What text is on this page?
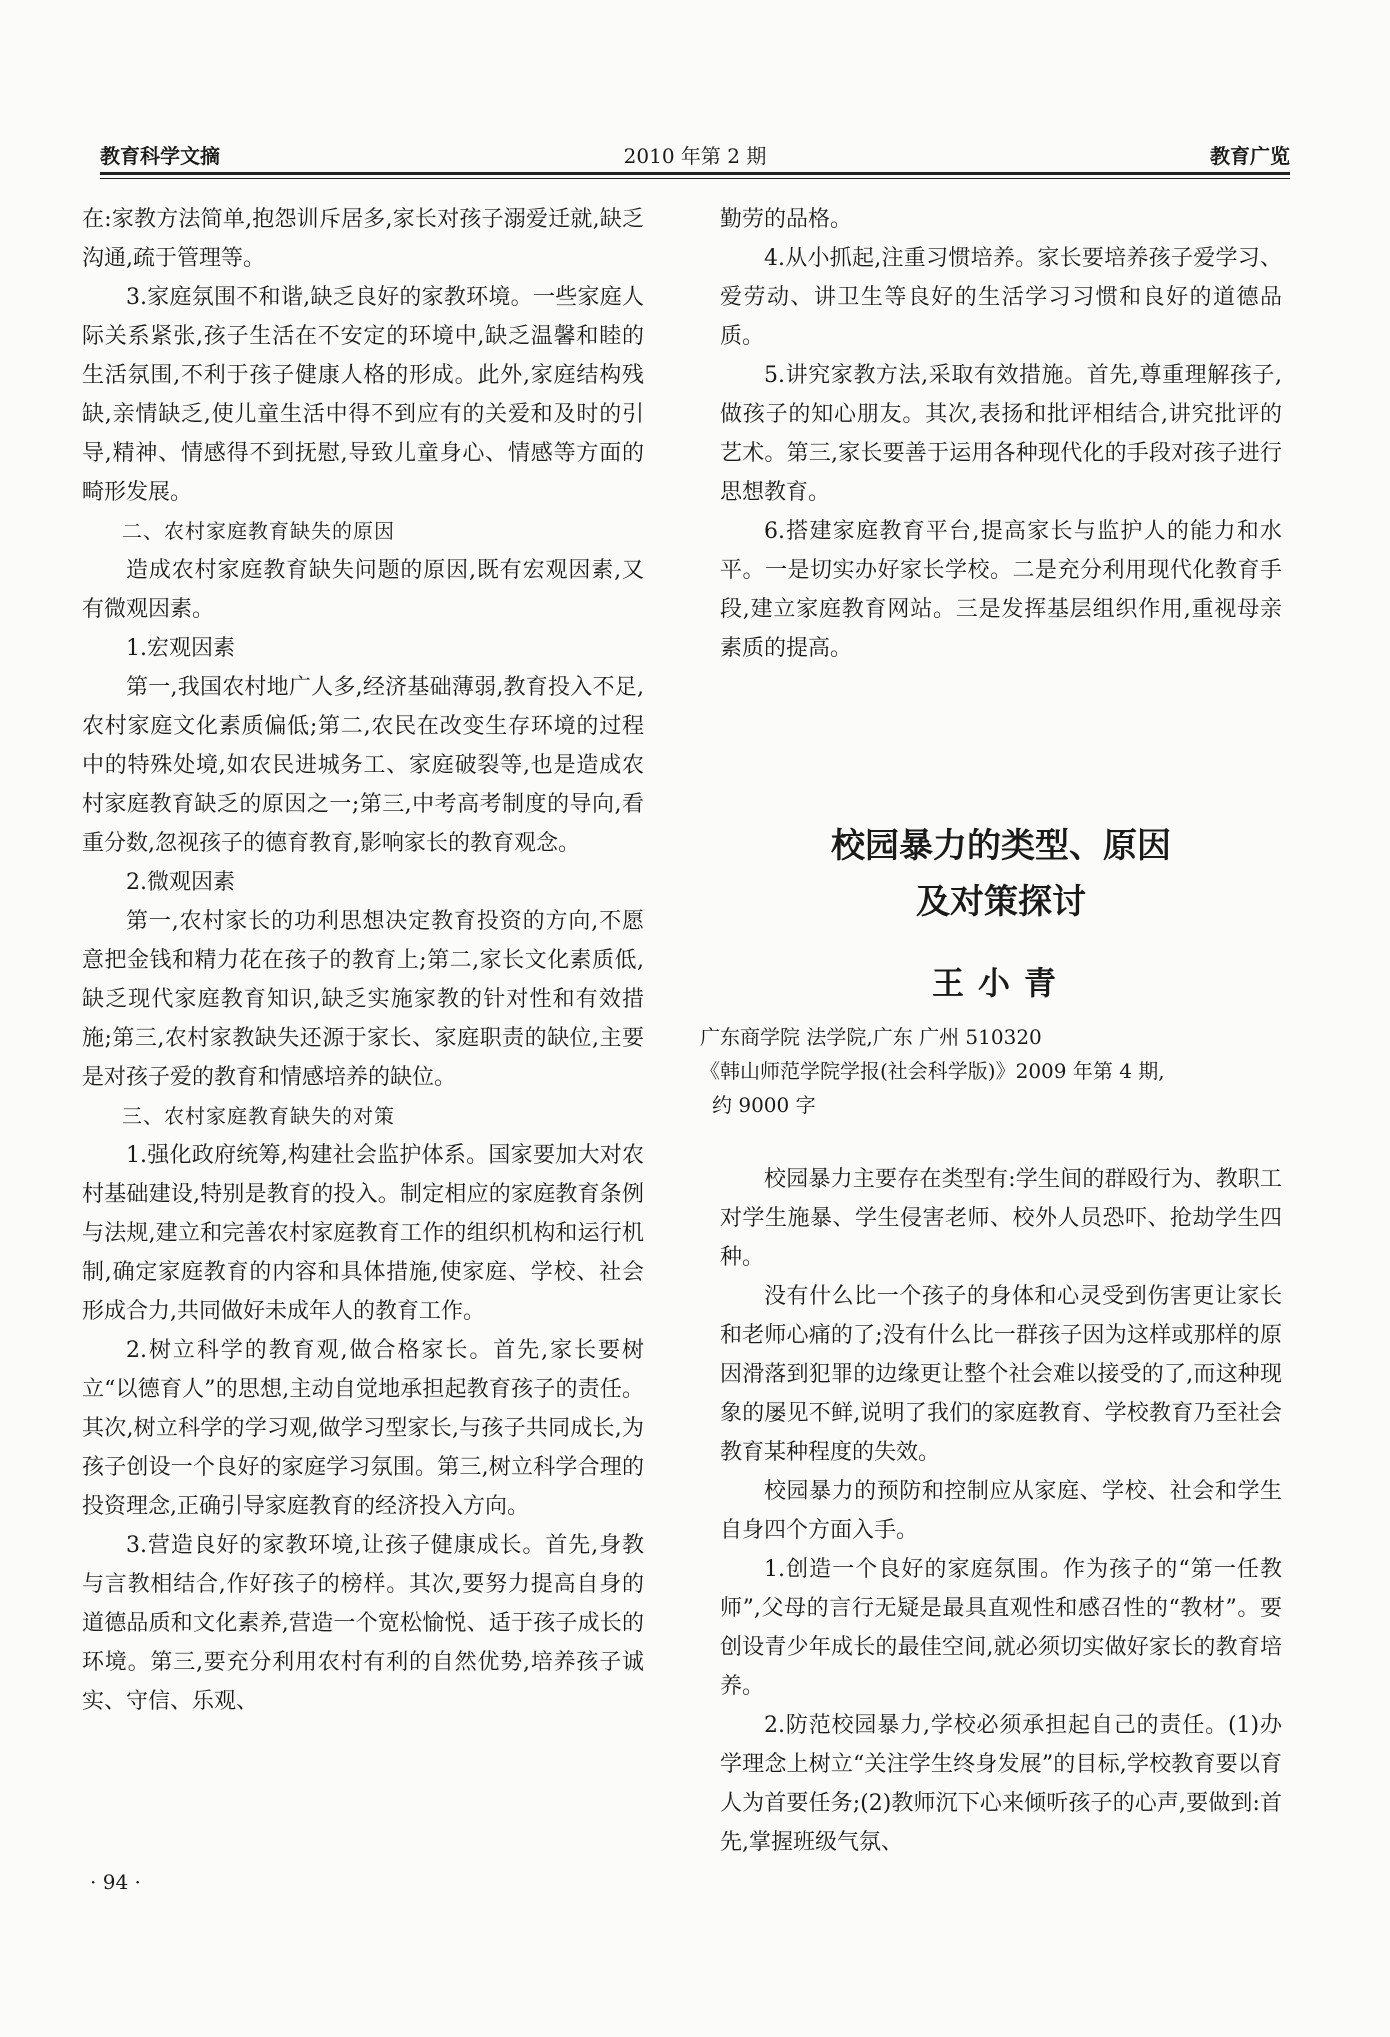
教育科学文摘	2010 年第 2 期	教育广览

在:家教方法简单,抱怨训斥居多,家长对孩子溺爱迁就,缺乏沟通,疏于管理等。

3.家庭氛围不和谐,缺乏良好的家教环境。一些家庭人际关系紧张,孩子生活在不安定的环境中,缺乏温馨和睦的生活氛围,不利于孩子健康人格的形成。此外,家庭结构残缺,亲情缺乏,使儿童生活中得不到应有的关爱和及时的引导,精神、情感得不到抚慰,导致儿童身心、情感等方面的畸形发展。

二、农村家庭教育缺失的原因

造成农村家庭教育缺失问题的原因,既有宏观因素,又有微观因素。

1.宏观因素

第一,我国农村地广人多,经济基础薄弱,教育投入不足,农村家庭文化素质偏低;第二,农民在改变生存环境的过程中的特殊处境,如农民进城务工、家庭破裂等,也是造成农村家庭教育缺乏的原因之一;第三,中考高考制度的导向,看重分数,忽视孩子的德育教育,影响家长的教育观念。

2.微观因素

第一,农村家长的功利思想决定教育投资的方向,不愿意把金钱和精力花在孩子的教育上;第二,家长文化素质低,缺乏现代家庭教育知识,缺乏实施家教的针对性和有效措施;第三,农村家教缺失还源于家长、家庭职责的缺位,主要是对孩子爱的教育和情感培养的缺位。

三、农村家庭教育缺失的对策

1.强化政府统筹,构建社会监护体系。国家要加大对农村基础建设,特别是教育的投入。制定相应的家庭教育条例与法规,建立和完善农村家庭教育工作的组织机构和运行机制,确定家庭教育的内容和具体措施,使家庭、学校、社会形成合力,共同做好未成年人的教育工作。

2.树立科学的教育观,做合格家长。首先,家长要树立“以德育人”的思想,主动自觉地承担起教育孩子的责任。其次,树立科学的学习观,做学习型家长,与孩子共同成长,为孩子创设一个良好的家庭学习氛围。第三,树立科学合理的投资理念,正确引导家庭教育的经济投入方向。

3.营造良好的家教环境,让孩子健康成长。首先,身教与言教相结合,作好孩子的榜样。其次,要努力提高自身的道德品质和文化素养,营造一个宽松愉悦、适于孩子成长的环境。第三,要充分利用农村有利的自然优势,培养孩子诚实、守信、乐观、

勤劳的品格。

4.从小抓起,注重习惯培养。家长要培养孩子爱学习、爱劳动、讲卫生等良好的生活学习习惯和良好的道德品质。

5.讲究家教方法,采取有效措施。首先,尊重理解孩子,做孩子的知心朋友。其次,表扬和批评相结合,讲究批评的艺术。第三,家长要善于运用各种现代化的手段对孩子进行思想教育。

6.搭建家庭教育平台,提高家长与监护人的能力和水平。一是切实办好家长学校。二是充分利用现代化教育手段,建立家庭教育网站。三是发挥基层组织作用,重视母亲素质的提高。

校园暴力的类型、原因
及对策探讨
王小青
广东商学院 法学院,广东 广州 510320
《韩山师范学院学报(社会科学版)》2009 年第 4 期,
约 9000 字

校园暴力主要存在类型有:学生间的群殴行为、教职工对学生施暴、学生侵害老师、校外人员恐吓、抢劫学生四种。

没有什么比一个孩子的身体和心灵受到伤害更让家长和老师心痛的了;没有什么比一群孩子因为这样或那样的原因滑落到犯罪的边缘更让整个社会难以接受的了,而这种现象的屡见不鲜,说明了我们的家庭教育、学校教育乃至社会教育某种程度的失效。

校园暴力的预防和控制应从家庭、学校、社会和学生自身四个方面入手。

1.创造一个良好的家庭氛围。作为孩子的“第一任教师”,父母的言行无疑是最具直观性和感召性的“教材”。要创设青少年成长的最佳空间,就必须切实做好家长的教育培养。

2.防范校园暴力,学校必须承担起自己的责任。(1)办学理念上树立“关注学生终身发展”的目标,学校教育要以育人为首要任务;(2)教师沉下心来倾听孩子的心声,要做到:首先,掌握班级气氛、

· 94 ·
